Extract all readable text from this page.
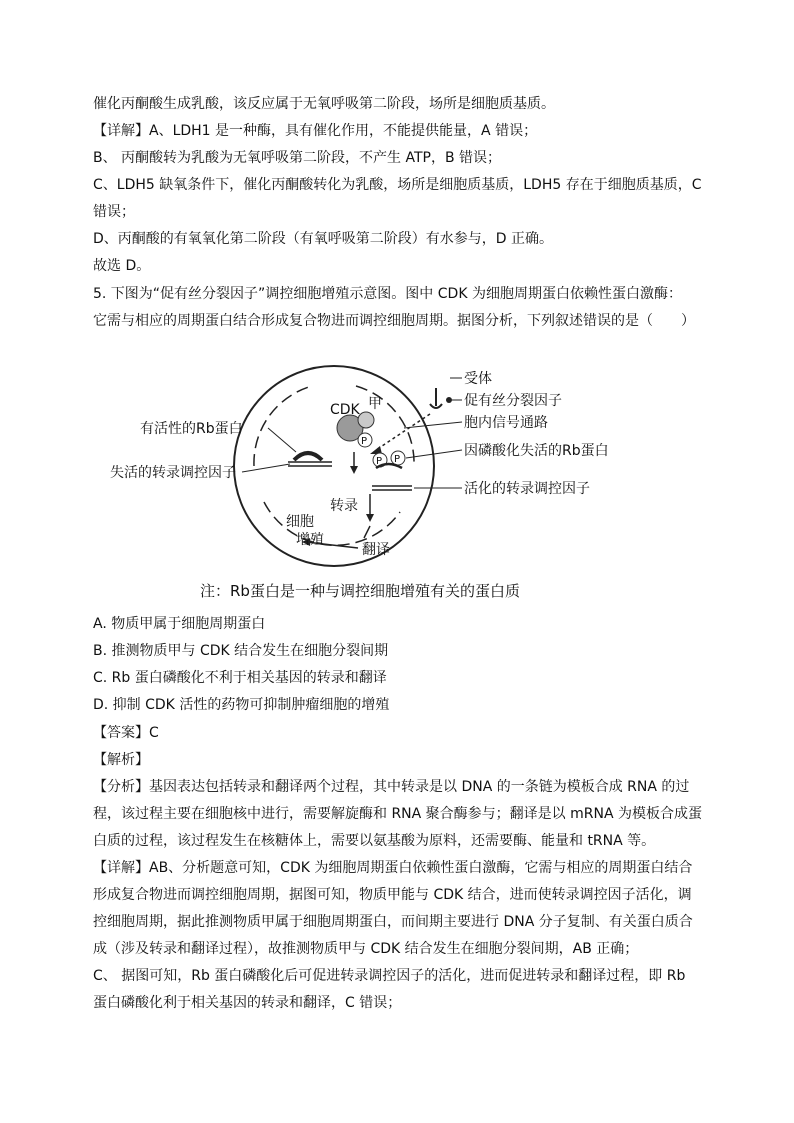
催化丙酮酸生成乳酸，该反应属于无氧呼吸第二阶段，场所是细胞质基质。
【详解】A、LDH1 是一种酶，具有催化作用，不能提供能量，A 错误；
B、 丙酮酸转为乳酸为无氧呼吸第二阶段，不产生 ATP，B 错误；
C、LDH5 缺氧条件下，催化丙酮酸转化为乳酸，场所是细胞质基质，LDH5 存在于细胞质基质，C
错误；
D、丙酮酸的有氧氧化第二阶段（有氧呼吸第二阶段）有水参与，D 正确。
故选 D。
5. 下图为“促有丝分裂因子”调控细胞增殖示意图。图中 CDK 为细胞周期蛋白依赖性蛋白激酶：
它需与相应的周期蛋白结合形成复合物进而调控细胞周期。据图分析，下列叙述错误的是（　　）
受体
促有丝分裂因子
胞内信号通路
CDK 甲
P
P P
有活性的Rb蛋白
失活的转录调控因子
因磷酸化失活的Rb蛋白
活化的转录调控因子
转录
翻译
细胞
增殖
注：Rb蛋白是一种与调控细胞增殖有关的蛋白质
A. 物质甲属于细胞周期蛋白
B. 推测物质甲与 CDK 结合发生在细胞分裂间期
C. Rb 蛋白磷酸化不利于相关基因的转录和翻译
D. 抑制 CDK 活性的药物可抑制肿瘤细胞的增殖
【答案】C
【解析】
【分析】基因表达包括转录和翻译两个过程，其中转录是以 DNA 的一条链为模板合成 RNA 的过
程，该过程主要在细胞核中进行，需要解旋酶和 RNA 聚合酶参与；翻译是以 mRNA 为模板合成蛋
白质的过程，该过程发生在核糖体上，需要以氨基酸为原料，还需要酶、能量和 tRNA 等。
【详解】AB、分析题意可知，CDK 为细胞周期蛋白依赖性蛋白激酶，它需与相应的周期蛋白结合
形成复合物进而调控细胞周期，据图可知，物质甲能与 CDK 结合，进而使转录调控因子活化，调
控细胞周期，据此推测物质甲属于细胞周期蛋白，而间期主要进行 DNA 分子复制、有关蛋白质合
成（涉及转录和翻译过程），故推测物质甲与 CDK 结合发生在细胞分裂间期，AB 正确；
C、 据图可知，Rb 蛋白磷酸化后可促进转录调控因子的活化，进而促进转录和翻译过程，即 Rb
蛋白磷酸化利于相关基因的转录和翻译，C 错误；
